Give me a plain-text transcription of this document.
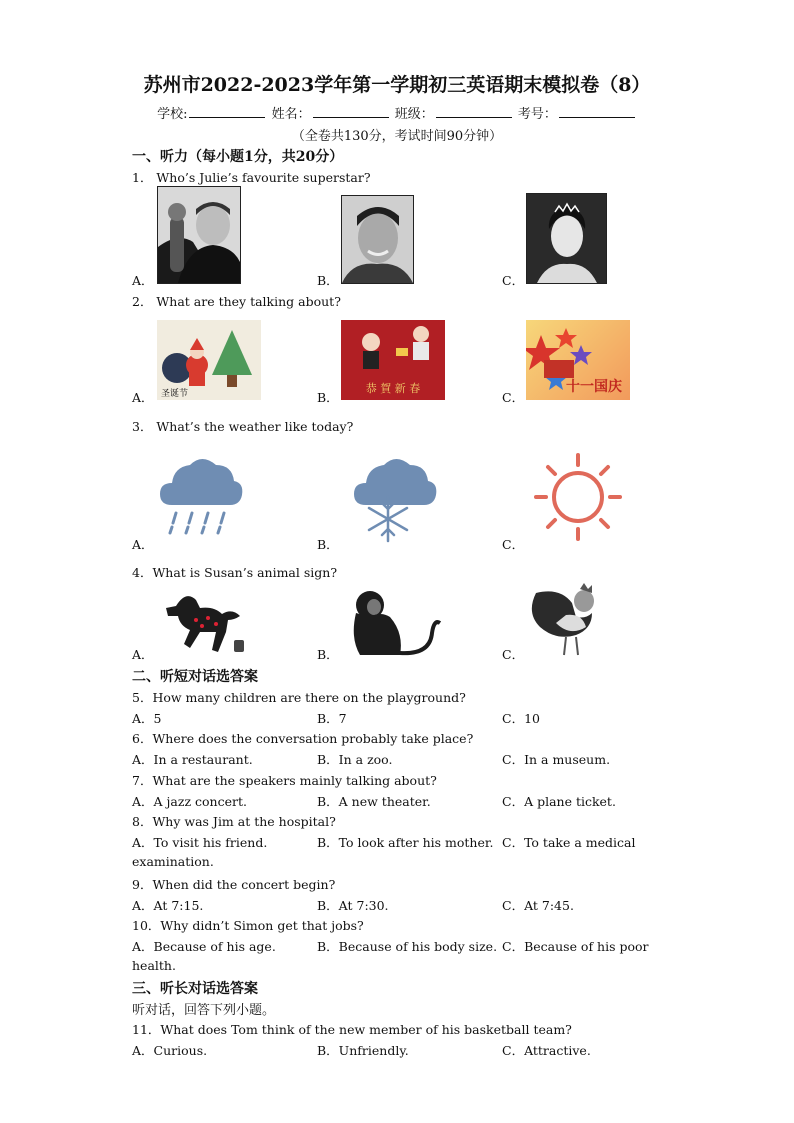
苏州市2022-2023学年第一学期初三英语期末模拟卷（8）
学校:	姓名：	班级：	考号：
（全卷共130分，考试时间90分钟）
一、听力（每小题1分，共20分）
1． Who’s Julie’s favourite superstar?
A．	B．	C．
2． What are they talking about?
A． 圣诞节	B．
恭 賀 新 春
C．
十一国庆
3． What’s the weather like today?
A．	B．	C．
4．What is Susan’s animal sign?
A．	B．	C．
二、听短对话选答案
5．How many children are there on the playground?
A．5	B．7	C．10
6．Where does the conversation probably take place?
A．In a restaurant.	B．In a zoo.	C．In a museum.
7．What are the speakers mainly talking about?
A．A jazz concert.	B．A new theater.	C．A plane ticket.
8．Why was Jim at the hospital?
A．To visit his friend.	B．To look after his mother. C．To take a medical
examination.
9．When did the concert begin?
A．At 7:15.	B．At 7:30.	C．At 7:45.
10．Why didn’t Simon get that jobs?
A．Because of his age.	B．Because of his body size. C．Because of his poor
health.
三、听长对话选答案
听对话，回答下列小题。
11．What does Tom think of the new member of his basketball team?
A．Curious.	B．Unfriendly.	C．Attractive.
